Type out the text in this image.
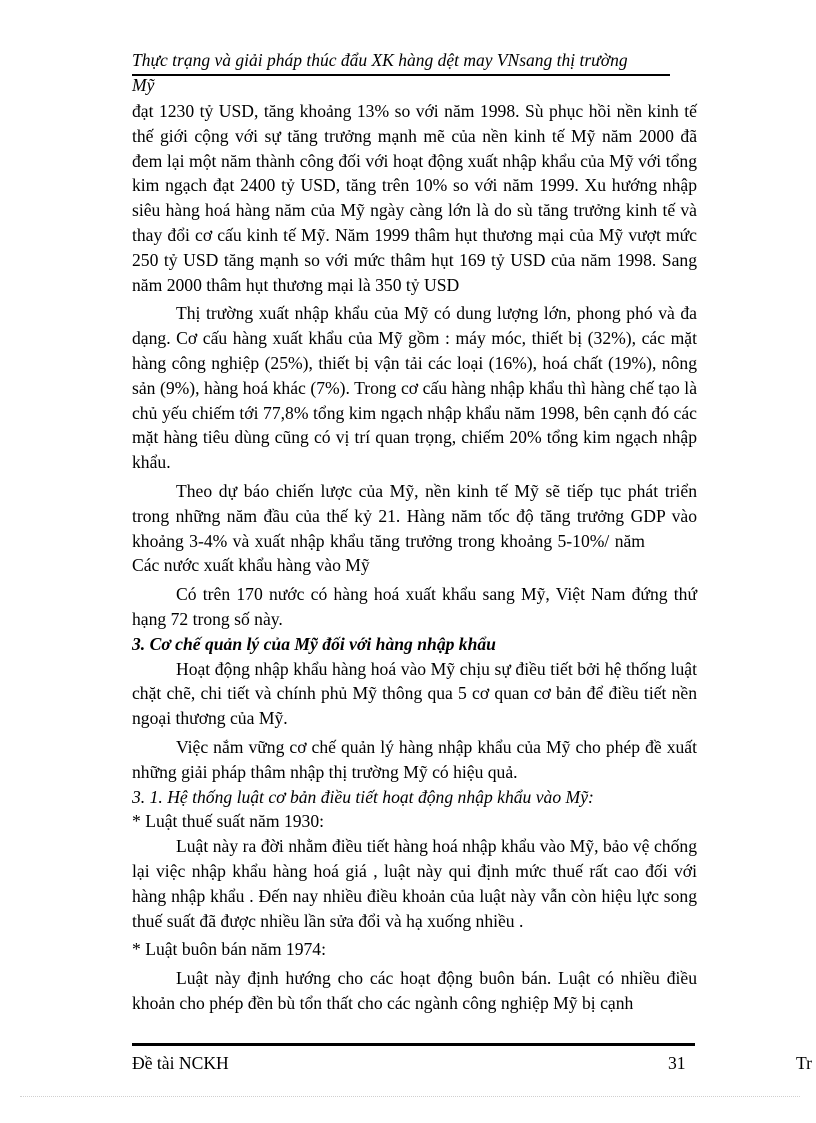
Thực trạng và giải pháp thúc đẩu XK hàng dệt may VNsang thị trường
Mỹ

đạt 1230 tỷ USD, tăng khoảng 13% so với năm 1998. Sù phục hồi nền kinh tế thế giới cộng với sự tăng trưởng mạnh mẽ của nền kinh tế Mỹ năm 2000 đã đem lại một năm thành công đối với hoạt động xuất nhập khẩu của Mỹ với tổng kim ngạch đạt 2400 tỷ USD, tăng trên 10% so với năm 1999. Xu hướng nhập siêu hàng hoá hàng năm của Mỹ ngày càng lớn là do sù tăng trưởng kinh tế và thay đổi cơ cấu kinh tế Mỹ. Năm 1999 thâm hụt thương mại của Mỹ vượt mức 250 tỷ USD tăng mạnh so với mức thâm hụt 169 tỷ USD của năm 1998. Sang năm 2000 thâm hụt thương mại là 350 tỷ USD

Thị trường xuất nhập khẩu của Mỹ có dung lượng lớn, phong phó và đa dạng. Cơ cấu hàng xuất khẩu của Mỹ gồm : máy móc, thiết bị (32%), các mặt hàng công nghiệp (25%), thiết bị vận tải các loại (16%), hoá chất (19%), nông sản (9%), hàng hoá khác (7%). Trong cơ cấu hàng nhập khẩu thì hàng chế tạo là chủ yếu chiếm tới 77,8% tổng kim ngạch nhập khẩu năm 1998, bên cạnh đó các mặt hàng tiêu dùng cũng có vị trí quan trọng, chiếm 20% tổng kim ngạch nhập khẩu.

Theo dự báo chiến lược của Mỹ, nền kinh tế Mỹ sẽ tiếp tục phát triển trong những năm đầu của thế kỷ 21. Hàng năm tốc độ tăng trưởng GDP vào khoảng 3-4% và xuất nhập khẩu tăng trưởng trong khoảng 5-10%/ nămCác nước xuất khẩu hàng vào Mỹ

Có trên 170 nước có hàng hoá xuất khẩu sang Mỹ, Việt Nam đứng thứ hạng 72 trong số này.

3. Cơ chế quản lý của Mỹ đối với hàng nhập khẩu

Hoạt động nhập khẩu hàng hoá vào Mỹ chịu sự điều tiết bởi hệ thống luật chặt chẽ, chi tiết và chính phủ Mỹ thông qua 5 cơ quan cơ bản để điều tiết nền ngoại thương của Mỹ.

Việc nắm vững cơ chế quản lý hàng nhập khẩu của Mỹ cho phép đề xuất những giải pháp thâm nhập thị trường Mỹ có hiệu quả.

3. 1. Hệ thống luật cơ bản điều tiết hoạt động nhập khẩu vào Mỹ:

* Luật thuế suất năm 1930:

Luật này ra đời nhằm điều tiết hàng hoá nhập khẩu vào Mỹ, bảo vệ chống lại việc nhập khẩu hàng hoá giá , luật này qui định mức thuế rất cao đối với hàng nhập khẩu . Đến nay nhiều điều khoản của luật này vẫn còn hiệu lực song thuế suất đã được nhiều lần sửa đổi và hạ xuống nhiều .

* Luật buôn bán năm 1974:

Luật này định hướng cho các hoạt động buôn bán. Luật có nhiều điều khoản cho phép đền bù tổn thất cho các ngành công nghiệp Mỹ bị cạnh

Đề tài NCKH	31	Tr
